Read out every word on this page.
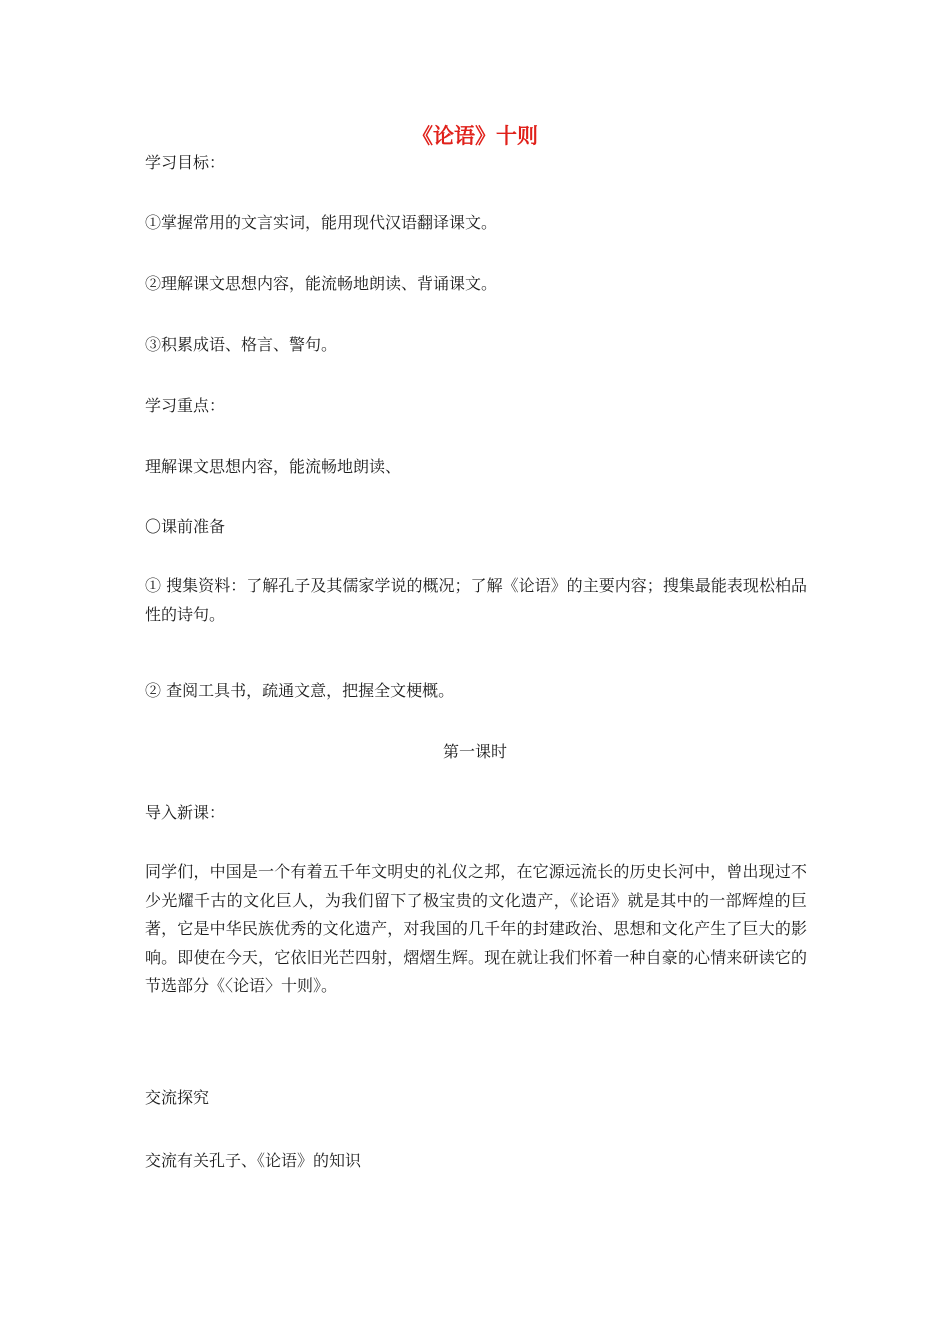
《论语》十则

学习目标：

①掌握常用的文言实词，能用现代汉语翻译课文。

②理解课文思想内容，能流畅地朗读、背诵课文。

③积累成语、格言、警句。

学习重点：

理解课文思想内容，能流畅地朗读、

〇课前准备

① 搜集资料：了解孔子及其儒家学说的概况；了解《论语》的主要内容；搜集最能表现松柏品性的诗句。

② 查阅工具书，疏通文意，把握全文梗概。

第一课时

导入新课：

同学们，中国是一个有着五千年文明史的礼仪之邦，在它源远流长的历史长河中，曾出现过不少光耀千古的文化巨人，为我们留下了极宝贵的文化遗产，《论语》就是其中的一部辉煌的巨著，它是中华民族优秀的文化遗产，对我国的几千年的封建政治、思想和文化产生了巨大的影响。即使在今天，它依旧光芒四射，熠熠生辉。现在就让我们怀着一种自豪的心情来研读它的节选部分《〈论语〉十则》。

交流探究

交流有关孔子、《论语》的知识
